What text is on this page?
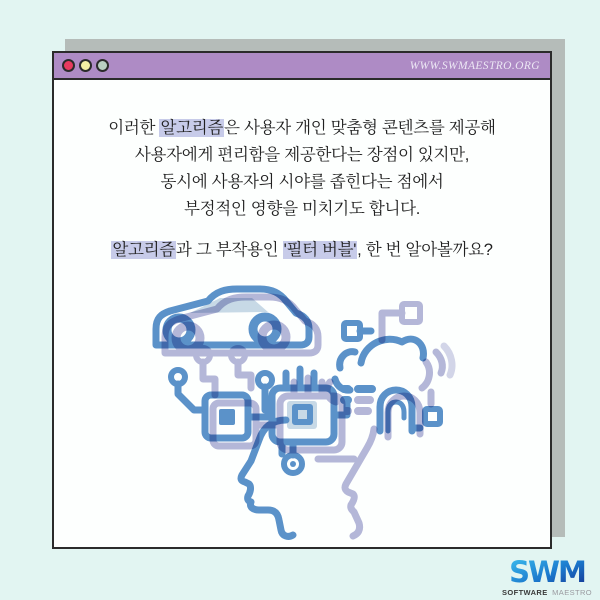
WWW.SWMAESTRO.ORG
이러한 알고리즘은 사용자 개인 맞춤형 콘텐츠를 제공해
사용자에게 편리함을 제공한다는 장점이 있지만,
동시에 사용자의 시야를 좁힌다는 점에서
부정적인 영향을 미치기도 합니다.
알고리즘과 그 부작용인 '필터 버블', 한 번 알아볼까요?
SWM
SOFTWARE MAESTRO
